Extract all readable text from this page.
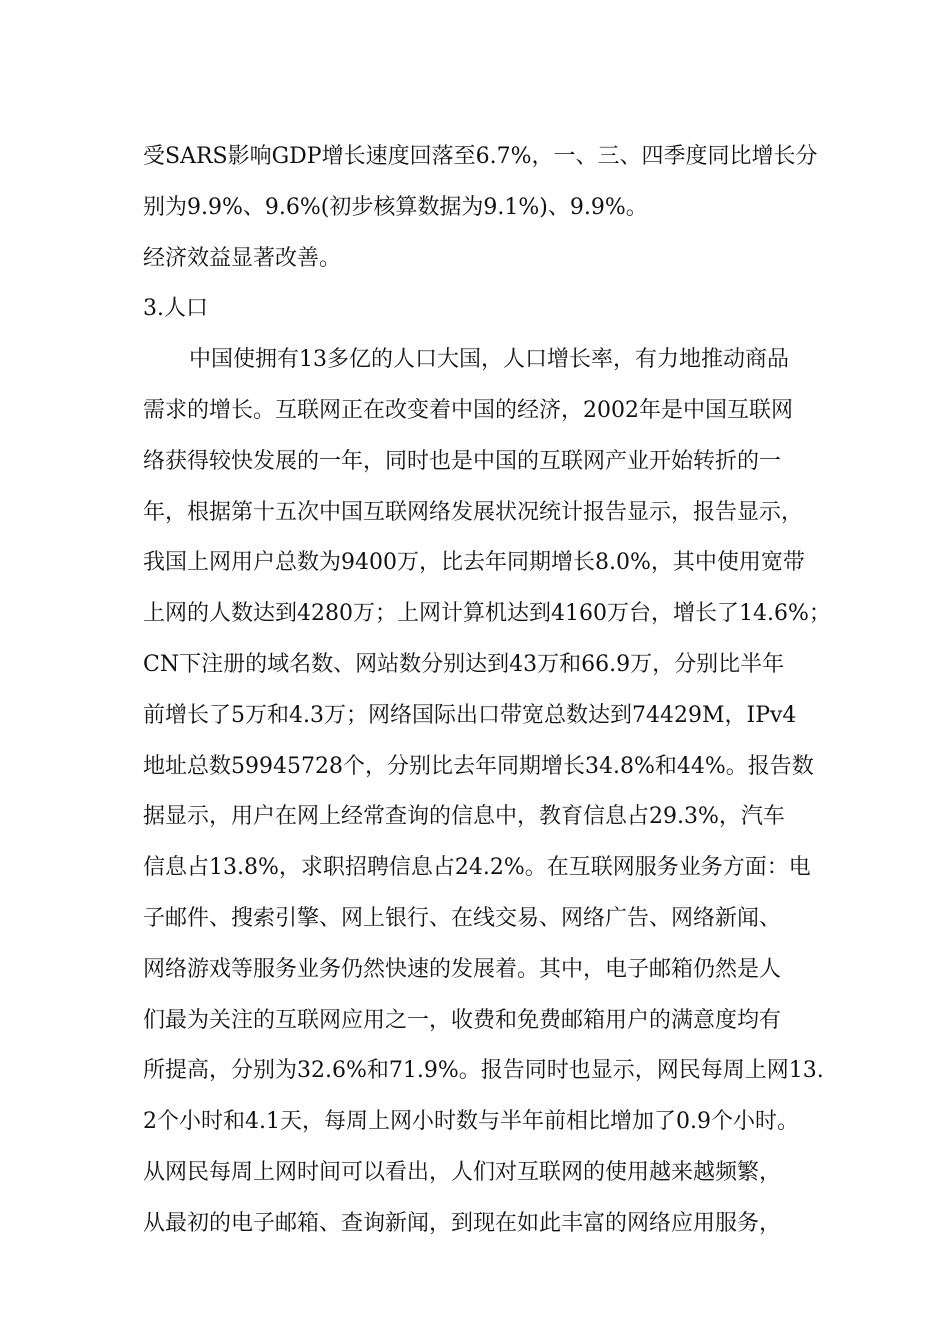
受SARS影响GDP增长速度回落至6.7%，一、三、四季度同比增长分
别为9.9%、9.6%(初步核算数据为9.1%)、9.9%。
经济效益显著改善。
3.人口
中国使拥有13多亿的人口大国，人口增长率，有力地推动商品
需求的增长。互联网正在改变着中国的经济，2002年是中国互联网
络获得较快发展的一年，同时也是中国的互联网产业开始转折的一
年，根据第十五次中国互联网络发展状况统计报告显示，报告显示，
我国上网用户总数为9400万，比去年同期增长8.0%，其中使用宽带
上网的人数达到4280万；上网计算机达到4160万台，增长了14.6%；
CN下注册的域名数、网站数分别达到43万和66.9万，分别比半年
前增长了5万和4.3万；网络国际出口带宽总数达到74429M，IPv4
地址总数59945728个，分别比去年同期增长34.8%和44%。报告数
据显示，用户在网上经常查询的信息中，教育信息占29.3%，汽车
信息占13.8%，求职招聘信息占24.2%。在互联网服务业务方面：电
子邮件、搜索引擎、网上银行、在线交易、网络广告、网络新闻、
网络游戏等服务业务仍然快速的发展着。其中，电子邮箱仍然是人
们最为关注的互联网应用之一，收费和免费邮箱用户的满意度均有
所提高，分别为32.6%和71.9%。报告同时也显示，网民每周上网13.
2个小时和4.1天，每周上网小时数与半年前相比增加了0.9个小时。
从网民每周上网时间可以看出，人们对互联网的使用越来越频繁，
从最初的电子邮箱、查询新闻，到现在如此丰富的网络应用服务，
